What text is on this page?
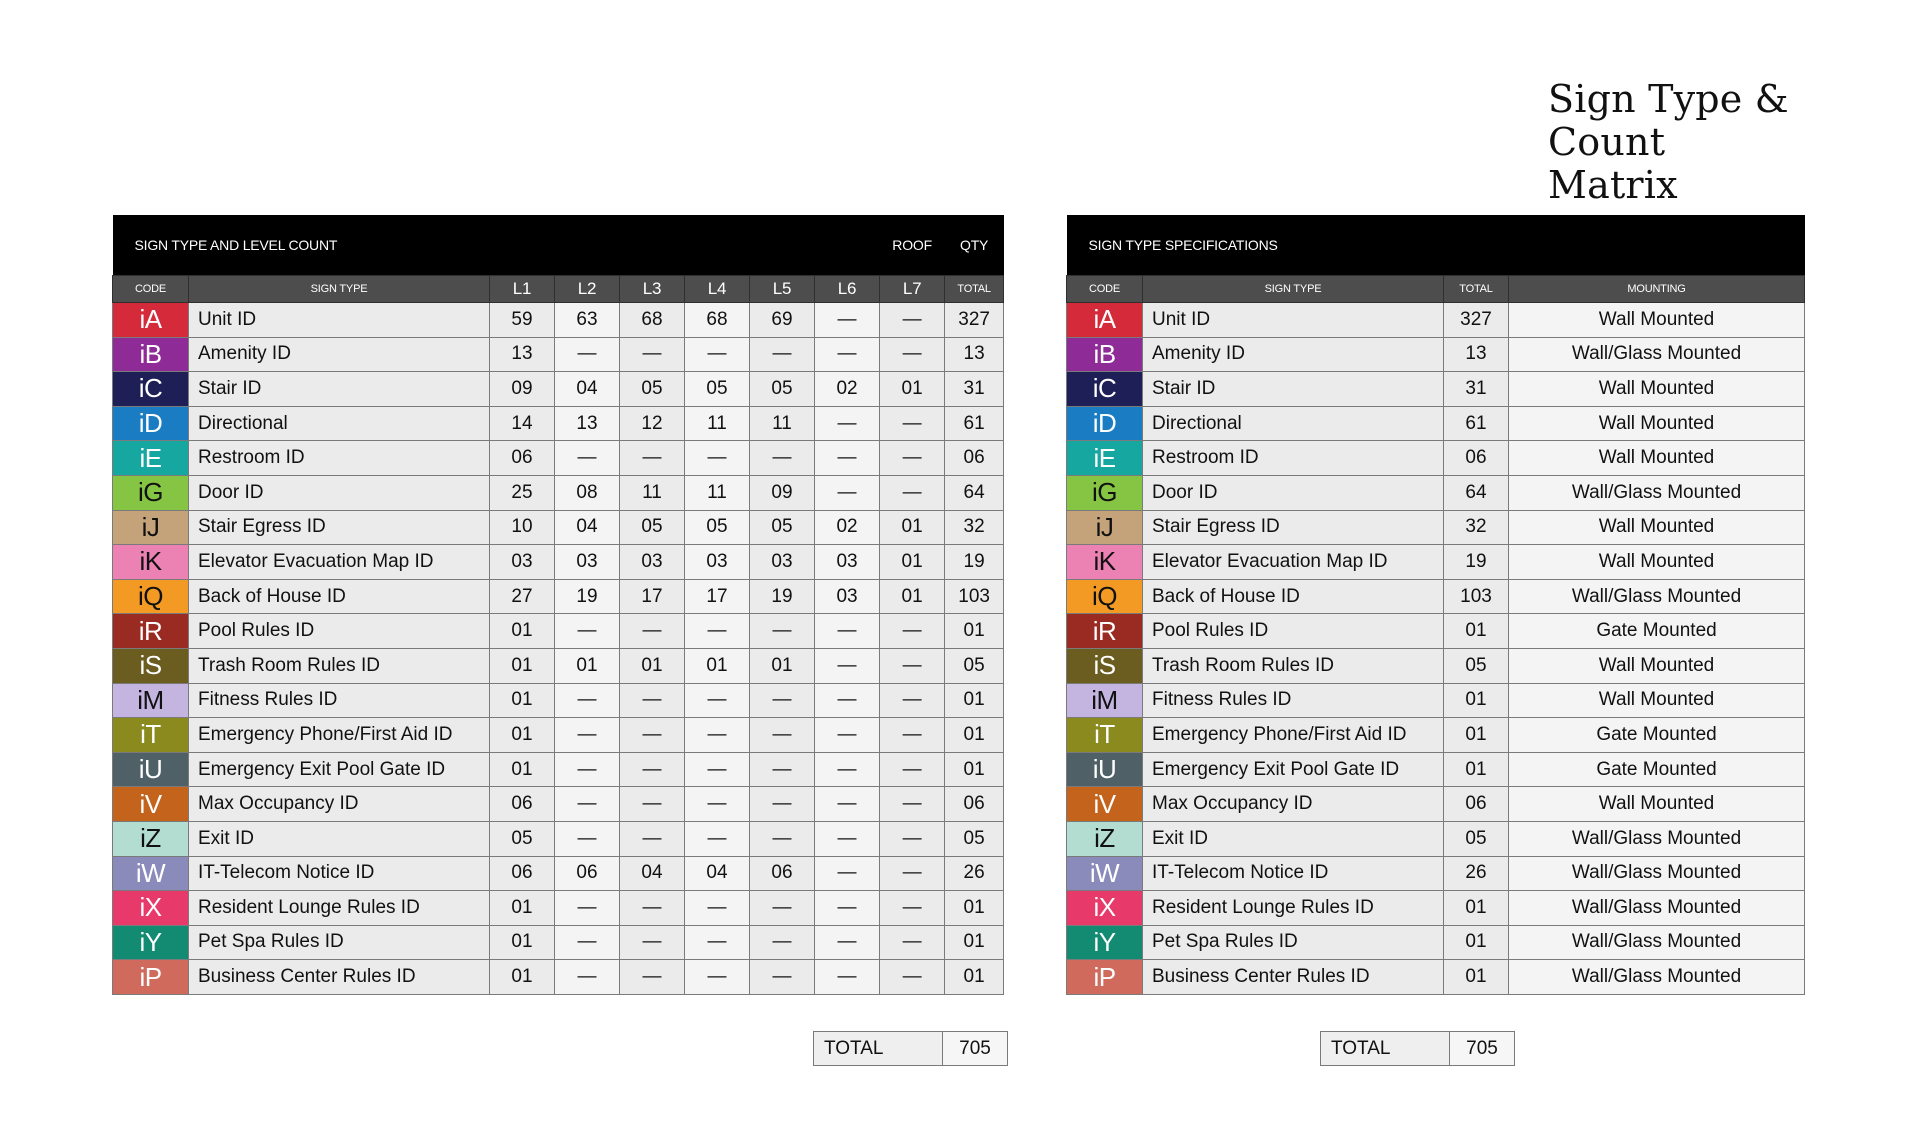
Sign Type & Count
Matrix
SIGN TYPE AND LEVEL COUNT								ROOF	QTY
CODE	SIGN TYPE	L1	L2	L3	L4	L5	L6	L7	TOTAL
iA	Unit ID	59	63	68	68	69	—	—	327
iB	Amenity ID	13	—	—	—	—	—	—	13
iC	Stair ID	09	04	05	05	05	02	01	31
iD	Directional	14	13	12	11	11	—	—	61
iE	Restroom ID	06	—	—	—	—	—	—	06
iG	Door ID	25	08	11	11	09	—	—	64
iJ	Stair Egress ID	10	04	05	05	05	02	01	32
iK	Elevator Evacuation Map ID	03	03	03	03	03	03	01	19
iQ	Back of House ID	27	19	17	17	19	03	01	103
iR	Pool Rules ID	01	—	—	—	—	—	—	01
iS	Trash Room Rules ID	01	01	01	01	01	—	—	05
iM	Fitness Rules ID	01	—	—	—	—	—	—	01
iT	Emergency Phone/First Aid ID	01	—	—	—	—	—	—	01
iU	Emergency Exit Pool Gate ID	01	—	—	—	—	—	—	01
iV	Max Occupancy ID	06	—	—	—	—	—	—	06
iZ	Exit ID	05	—	—	—	—	—	—	05
iW	IT-Telecom Notice ID	06	06	04	04	06	—	—	26
iX	Resident Lounge Rules ID	01	—	—	—	—	—	—	01
iY	Pet Spa Rules ID	01	—	—	—	—	—	—	01
iP	Business Center Rules ID	01	—	—	—	—	—	—	01
TOTAL	705
SIGN TYPE SPECIFICATIONS			
CODE	SIGN TYPE	TOTAL	MOUNTING
iA	Unit ID	327	Wall Mounted
iB	Amenity ID	13	Wall/Glass Mounted
iC	Stair ID	31	Wall Mounted
iD	Directional	61	Wall Mounted
iE	Restroom ID	06	Wall Mounted
iG	Door ID	64	Wall/Glass Mounted
iJ	Stair Egress ID	32	Wall Mounted
iK	Elevator Evacuation Map ID	19	Wall Mounted
iQ	Back of House ID	103	Wall/Glass Mounted
iR	Pool Rules ID	01	Gate Mounted
iS	Trash Room Rules ID	05	Wall Mounted
iM	Fitness Rules ID	01	Wall Mounted
iT	Emergency Phone/First Aid ID	01	Gate Mounted
iU	Emergency Exit Pool Gate ID	01	Gate Mounted
iV	Max Occupancy ID	06	Wall Mounted
iZ	Exit ID	05	Wall/Glass Mounted
iW	IT-Telecom Notice ID	26	Wall/Glass Mounted
iX	Resident Lounge Rules ID	01	Wall/Glass Mounted
iY	Pet Spa Rules ID	01	Wall/Glass Mounted
iP	Business Center Rules ID	01	Wall/Glass Mounted
TOTAL	705
